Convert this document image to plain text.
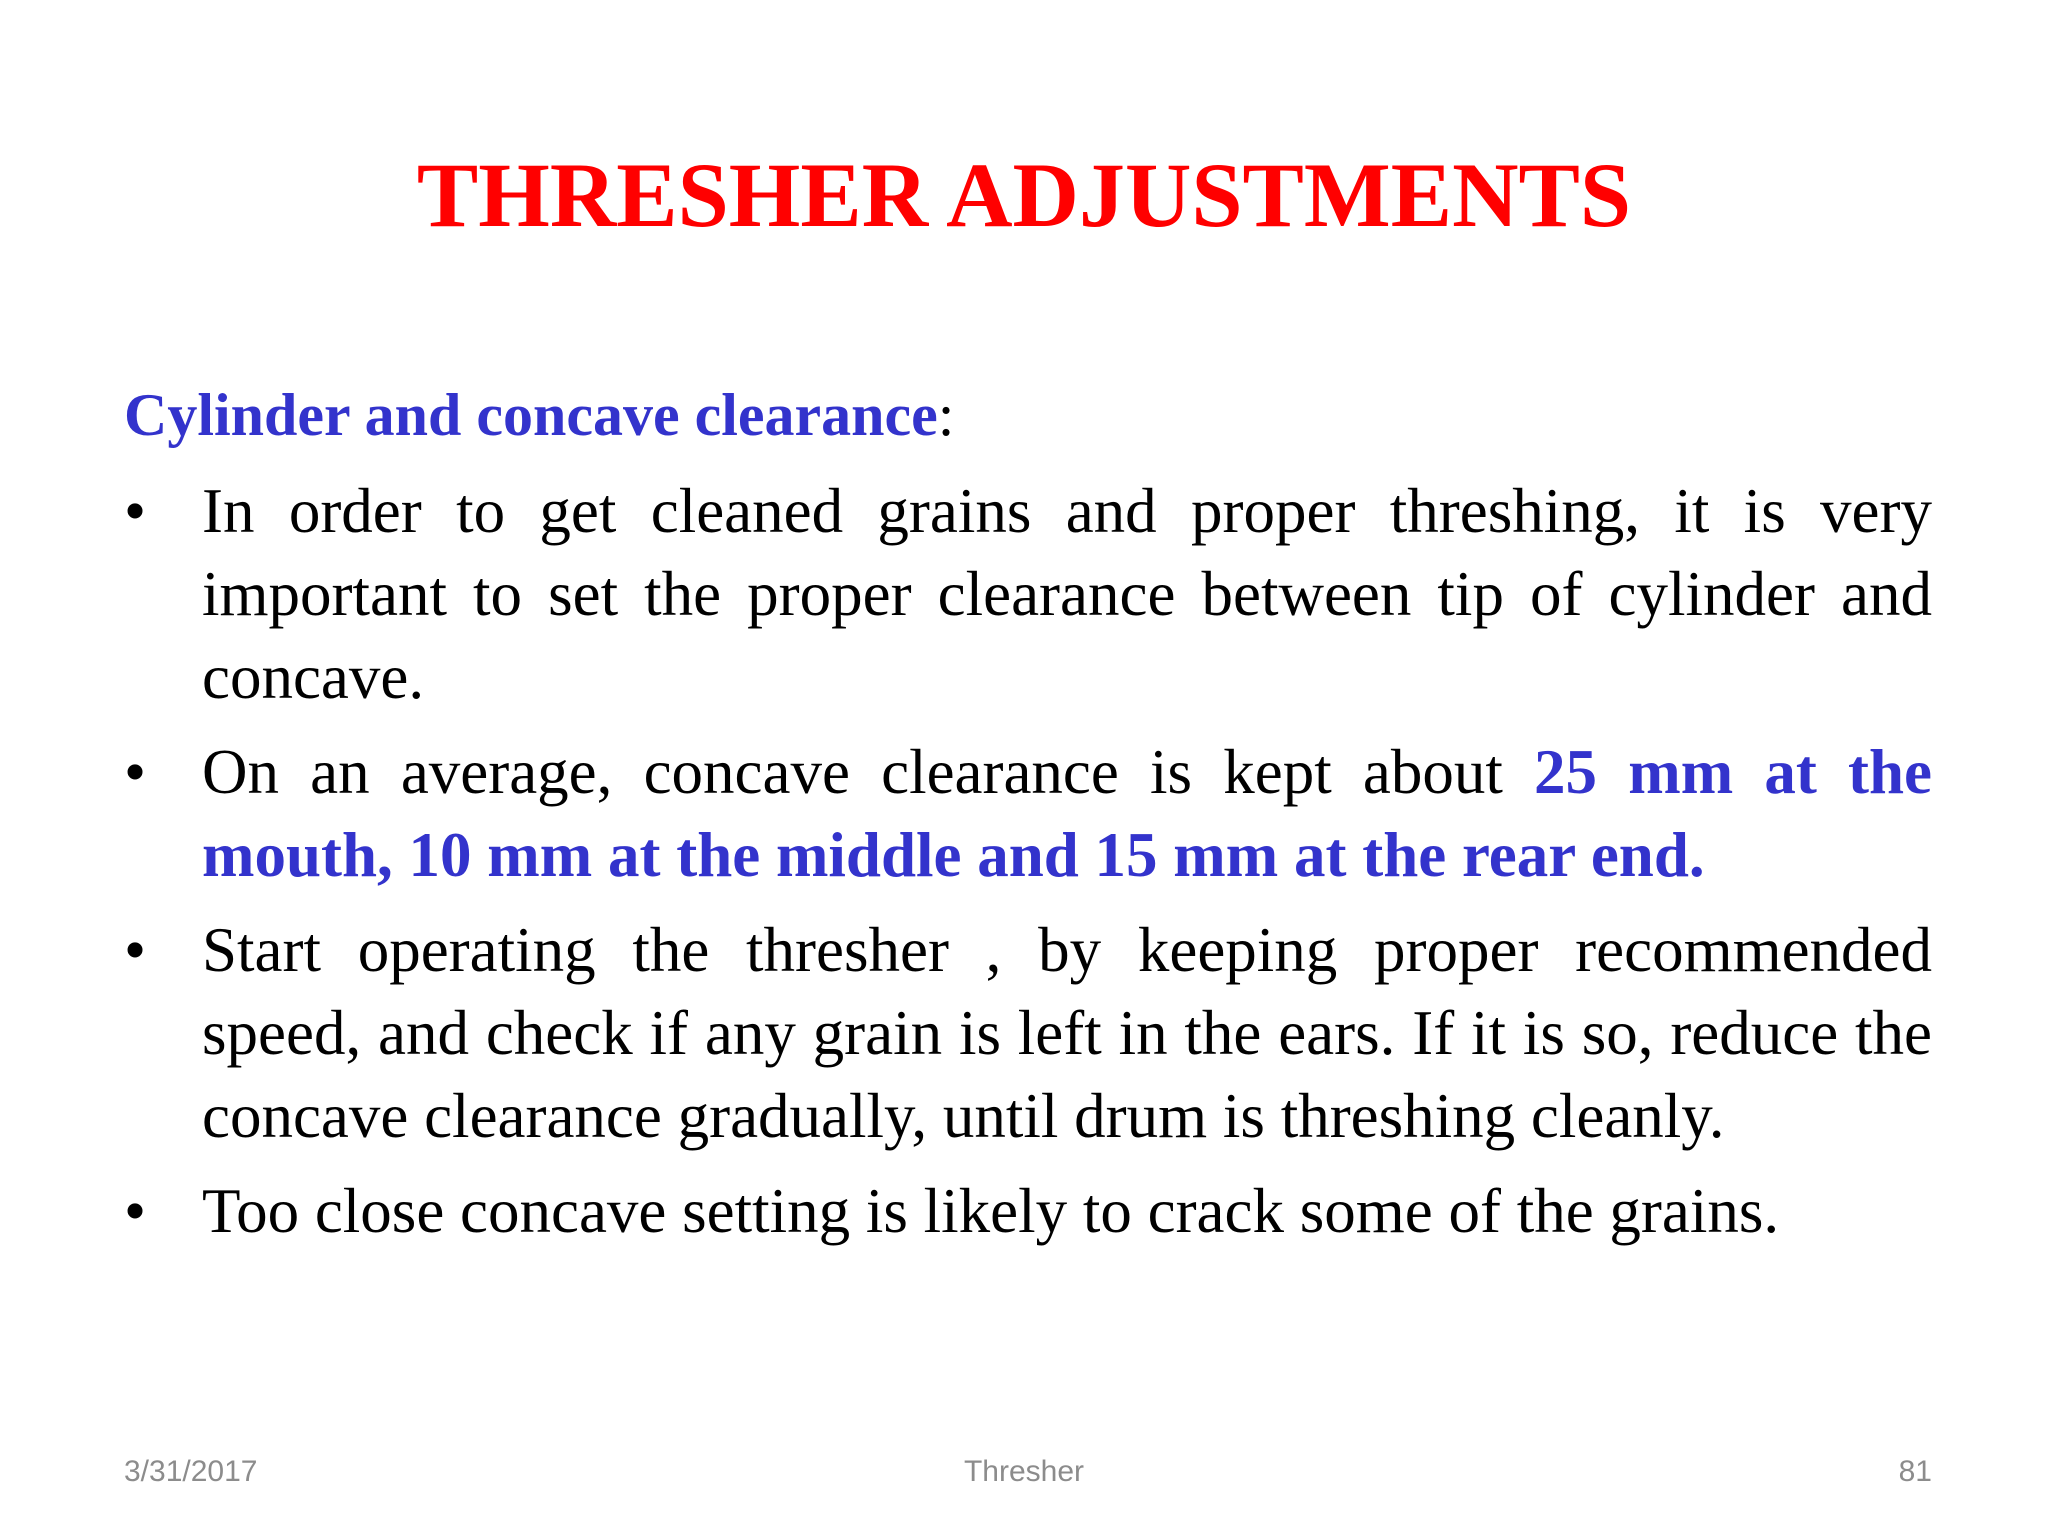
THRESHER ADJUSTMENTS

Cylinder and concave clearance:

• In order to get cleaned grains and proper threshing, it is very important to set the proper clearance between tip of cylinder and concave.
• On an average, concave clearance is kept about 25 mm at the mouth, 10 mm at the middle and 15 mm at the rear end.
• Start operating the thresher , by keeping proper recommended speed, and check if any grain is left in the ears. If it is so, reduce the concave clearance gradually, until drum is threshing cleanly.
• Too close concave setting is likely to crack some of the grains.
3/31/2017	Thresher	81
